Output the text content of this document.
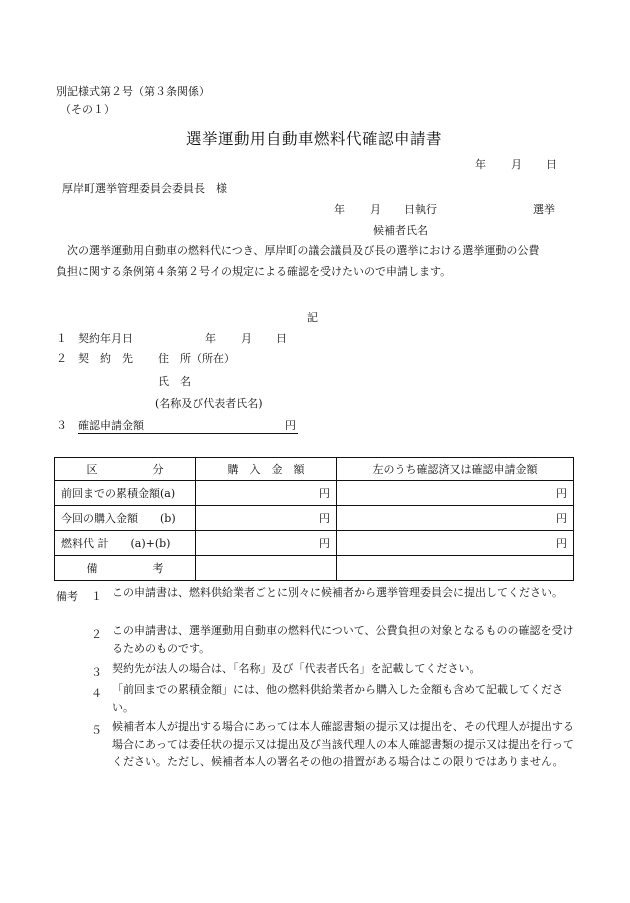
別記様式第２号（第３条関係）
（その１）
選挙運動用自動車燃料代確認申請書
年 月 日
厚岸町選挙管理委員会委員長　様
年 月 日執行	選挙
候補者氏名
次の選挙運動用自動車の燃料代につき、厚岸町の議会議員及び長の選挙における選挙運動の公費
負担に関する条例第４条第２号イの規定による確認を受けたいので申請します。
記
１ 契約年月日	年 月 日
２ 契　約　先 住　所（所在）
氏　名
(名称及び代表者氏名)
３ 確認申請金額	円
区　　　　　分	購　入　金　額	左のうち確認済又は確認申請金額
前回までの累積金額(a)	円	円
今回の購入金額　　(b)	円	円
燃料代 計　　(a)+(b)	円	円
備　　　　　考		
備考 １ この申請書は、燃料供給業者ごとに別々に候補者から選挙管理委員会に提出してください。
２ この申請書は、選挙運動用自動車の燃料代について、公費負担の対象となるものの確認を受けるためのものです。
３ 契約先が法人の場合は、「名称」及び「代表者氏名」を記載してください。
４ 「前回までの累積金額」には、他の燃料供給業者から購入した金額も含めて記載してください。
５ 候補者本人が提出する場合にあっては本人確認書類の提示又は提出を、その代理人が提出する場合にあっては委任状の提示又は提出及び当該代理人の本人確認書類の提示又は提出を行ってください。ただし、候補者本人の署名その他の措置がある場合はこの限りではありません。
